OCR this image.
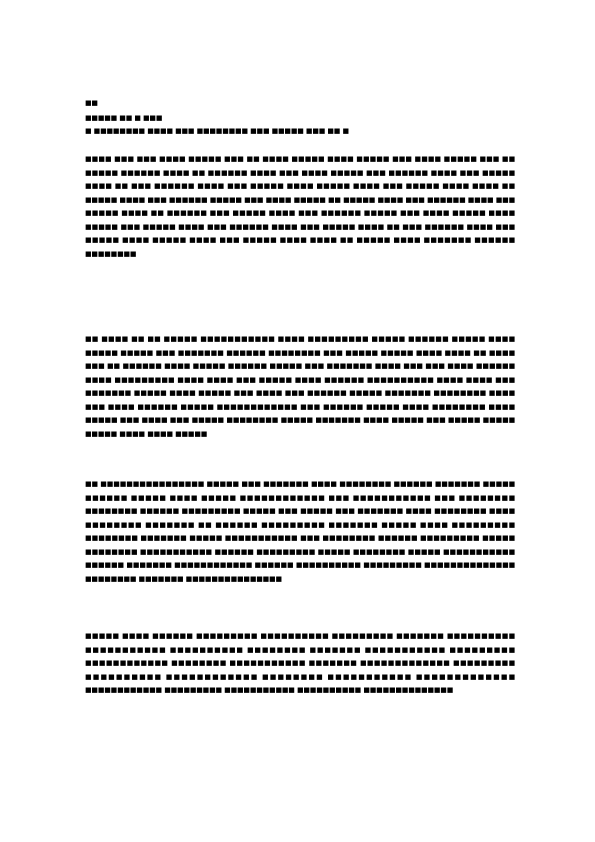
■■
■■■■■ ■■ ■ ■■■
■ ■■■■■■■■ ■■■■ ■■■ ■■■■■■■■ ■■■ ■■■■■ ■■■ ■■ ■
■■■■ ■■■ ■■■ ■■■■ ■■■■■ ■■■ ■■ ■■■■ ■■■■■ ■■■■ ■■■■■ ■■■ ■■■■ ■■■■■ ■■■ ■■ ■■■■■ ■■■■■■ ■■■■ ■■ ■■■■■■ ■■■■ ■■■ ■■■■ ■■■■■ ■■■ ■■■■■■ ■■■■ ■■■ ■■■■■ ■■■■ ■■ ■■■ ■■■■■■ ■■■■ ■■■ ■■■■■ ■■■■ ■■■■■ ■■■■ ■■■ ■■■■■ ■■■■ ■■■■ ■■ ■■■■■ ■■■■ ■■■ ■■■■■■ ■■■■■ ■■■ ■■■■ ■■■■■ ■■ ■■■■■ ■■■■ ■■■ ■■■■■■ ■■■■ ■■■ ■■■■■ ■■■■ ■■ ■■■■■■ ■■■ ■■■■■ ■■■■ ■■■ ■■■■■■ ■■■■■ ■■■ ■■■■ ■■■■■ ■■■■ ■■■■■ ■■■ ■■■■■ ■■■■ ■■■ ■■■■■■ ■■■■ ■■■ ■■■■■ ■■■■ ■■ ■■■ ■■■■■■ ■■■■ ■■■ ■■■■■ ■■■■ ■■■■■ ■■■■ ■■■ ■■■■■ ■■■■ ■■■■ ■■ ■■■■■ ■■■■ ■■■■■■■ ■■■■■■ ■■■■■■■■
■■ ■■■■ ■■ ■■ ■■■■■ ■■■■■■■■■■■ ■■■■ ■■■■■■■■■ ■■■■■ ■■■■■■ ■■■■■ ■■■■ ■■■■■ ■■■■■ ■■■ ■■■■■■■ ■■■■■■ ■■■■■■■■ ■■■ ■■■■■ ■■■■■ ■■■■ ■■■■ ■■ ■■■■ ■■■ ■■ ■■■■■■ ■■■■ ■■■■■ ■■■■■■ ■■■■■ ■■■ ■■■■■■■ ■■■■ ■■■ ■■■ ■■■■ ■■■■■■ ■■■■ ■■■■■■■■■ ■■■■ ■■■■ ■■■ ■■■■■ ■■■■ ■■■■■■ ■■■■■■■■■■ ■■■■ ■■■■ ■■■ ■■■■■■■ ■■■■■ ■■■■ ■■■■■ ■■■ ■■■■ ■■■ ■■■■■■ ■■■■■ ■■■■■■■ ■■■■■■■■ ■■■■ ■■■ ■■■■ ■■■■■■ ■■■■■ ■■■■■■■■■■■■ ■■■ ■■■■■■ ■■■■■ ■■■■ ■■■■■■■■ ■■■■ ■■■■■ ■■■ ■■■■ ■■■ ■■■■■ ■■■■■■■■ ■■■■■ ■■■■■■■ ■■■■ ■■■■■ ■■■ ■■■■■ ■■■■■ ■■■■■ ■■■■ ■■■■ ■■■■■
■■ ■■■■■■■■■■■■■■■■ ■■■■■ ■■■ ■■■■■■■ ■■■■ ■■■■■■■■ ■■■■■■ ■■■■■■■ ■■■■■ ■■■■■■ ■■■■■ ■■■■ ■■■■■ ■■■■■■■■■■■■ ■■■ ■■■■■■■■■■■ ■■■ ■■■■■■■■ ■■■■■■■■ ■■■■■■ ■■■■■■■■■ ■■■■■ ■■■ ■■■■■ ■■■ ■■■■■■■ ■■■■ ■■■■■■■■ ■■■■ ■■■■■■■■ ■■■■■■■ ■■ ■■■■■■ ■■■■■■■■■ ■■■■■■■ ■■■■■ ■■■■ ■■■■■■■■■ ■■■■■■■■ ■■■■■■■ ■■■■■ ■■■■■■■■■■■ ■■■ ■■■■■■■■ ■■■■■■ ■■■■■■■■■ ■■■■■ ■■■■■■■■ ■■■■■■■■■■■ ■■■■■■ ■■■■■■■■■ ■■■■■ ■■■■■■■■ ■■■■■ ■■■■■■■■■■■ ■■■■■■ ■■■■■■■ ■■■■■■■■■■■■ ■■■■■■ ■■■■■■■■■■ ■■■■■■■■■ ■■■■■■■■■■■■■■ ■■■■■■■■ ■■■■■■■ ■■■■■■■■■■■■■■■
■■■■■ ■■■■ ■■■■■■ ■■■■■■■■■ ■■■■■■■■■■ ■■■■■■■■■ ■■■■■■■ ■■■■■■■■■■ ■■■■■■■■■■■ ■■■■■■■■■■ ■■■■■■■■ ■■■■■■■ ■■■■■■■■■■■ ■■■■■■■■■ ■■■■■■■■■■■■ ■■■■■■■■ ■■■■■■■■■■■ ■■■■■■■ ■■■■■■■■■■■■■ ■■■■■■■■■ ■■■■■■■■■■ ■■■■■■■■■■■■ ■■■■■■■■ ■■■■■■■■■■■ ■■■■■■■■■■■■■ ■■■■■■■■■■■■ ■■■■■■■■■ ■■■■■■■■■■■ ■■■■■■■■■■ ■■■■■■■■■■■■■■
